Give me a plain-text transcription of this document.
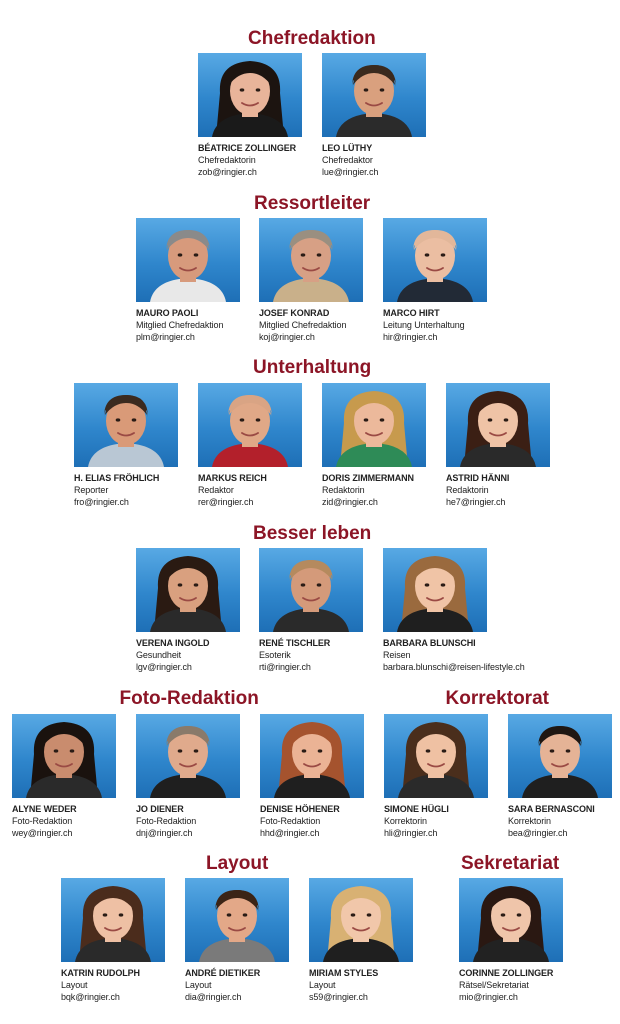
Chefredaktion
BÉATRICE ZOLLINGER
Chefredaktorin
zob@ringier.ch
LEO LÜTHY
Chefredaktor
lue@ringier.ch
Ressortleiter
MAURO PAOLI
Mitglied Chefredaktion
plm@ringier.ch
JOSEF KONRAD
Mitglied Chefredaktion
koj@ringier.ch
MARCO HIRT
Leitung Unterhaltung
hir@ringier.ch
Unterhaltung
H. ELIAS FRÖHLICH
Reporter
fro@ringier.ch
MARKUS REICH
Redaktor
rer@ringier.ch
DORIS ZIMMERMANN
Redaktorin
zid@ringier.ch
ASTRID HÄNNI
Redaktorin
he7@ringier.ch
Besser leben
VERENA INGOLD
Gesundheit
lgv@ringier.ch
RENÉ TISCHLER
Esoterik
rti@ringier.ch
BARBARA BLUNSCHI
Reisen
barbara.blunschi@reisen-lifestyle.ch
Foto-Redaktion
ALYNE WEDER
Foto-Redaktion
wey@ringier.ch
JO DIENER
Foto-Redaktion
dnj@ringier.ch
DENISE HÖHENER
Foto-Redaktion
hhd@ringier.ch
Korrektorat
SIMONE HÜGLI
Korrektorin
hli@ringier.ch
SARA BERNASCONI
Korrektorin
bea@ringier.ch
Layout
KATRIN RUDOLPH
Layout
bqk@ringier.ch
ANDRÉ DIETIKER
Layout
dia@ringier.ch
MIRIAM STYLES
Layout
s59@ringier.ch
Sekretariat
CORINNE ZOLLINGER
Rätsel/Sekretariat
mio@ringier.ch
